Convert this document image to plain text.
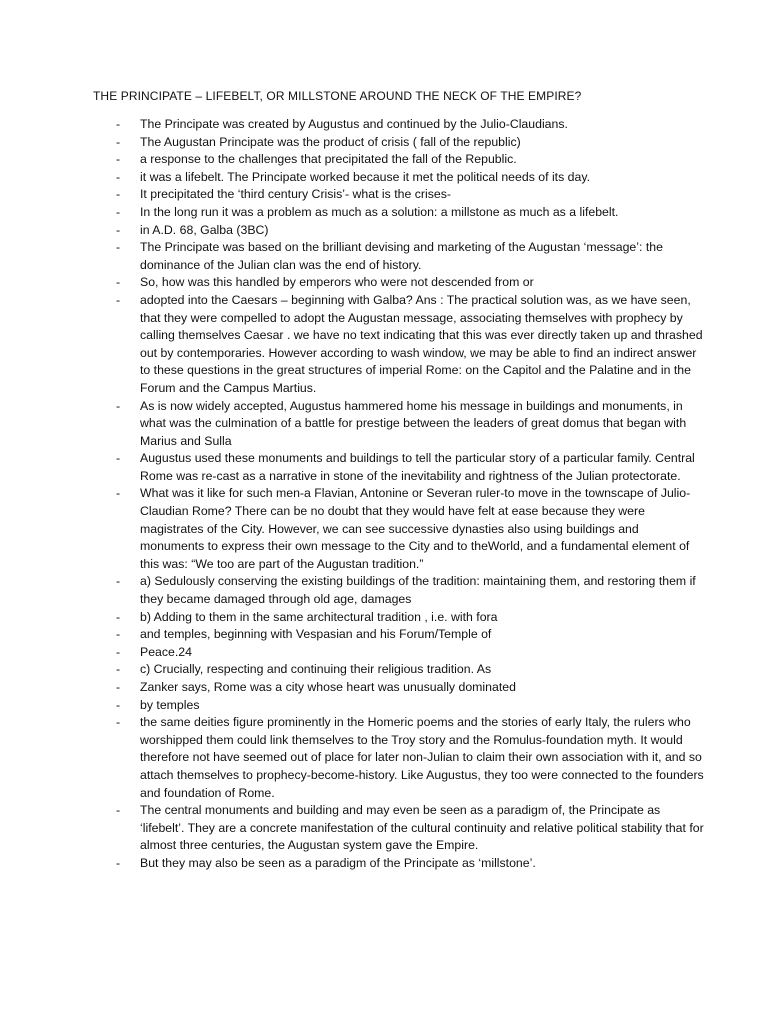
THE PRINCIPATE – LIFEBELT, OR MILLSTONE AROUND THE NECK OF THE EMPIRE?
- The Principate was created by Augustus and continued by the Julio-Claudians.
- The Augustan Principate was the product of crisis ( fall of the republic)
- a response to the challenges that precipitated the fall of the Republic.
- it was a lifebelt. The Principate worked because it met the political needs of its day.
- It precipitated the ‘third century Crisis’- what is the crises-
- In the long run it was a problem as much as a solution: a millstone as much as a lifebelt.
- in A.D. 68, Galba (3BC)
- The Principate was based on the brilliant devising and marketing of the Augustan ‘message’: the dominance of the Julian clan was the end of history.
- So, how was this handled by emperors who were not descended from or
- adopted into the Caesars – beginning with Galba? Ans : The practical solution was, as we have seen, that they were compelled to adopt the Augustan message, associating themselves with prophecy by calling themselves Caesar . we have no text indicating that this was ever directly taken up and thrashed out by contemporaries. However according to wash window, we may be able to find an indirect answer to these questions in the great structures of imperial Rome: on the Capitol and the Palatine and in the Forum and the Campus Martius.
- As is now widely accepted, Augustus hammered home his message in buildings and monuments, in what was the culmination of a battle for prestige between the leaders of great domus that began with Marius and Sulla
- Augustus used these monuments and buildings to tell the particular story of a particular family. Central Rome was re-cast as a narrative in stone of the inevitability and rightness of the Julian protectorate.
- What was it like for such men-a Flavian, Antonine or Severan ruler-to move in the townscape of Julio-Claudian Rome? There can be no doubt that they would have felt at ease because they were magistrates of the City. However, we can see successive dynasties also using buildings and monuments to express their own message to the City and to theWorld, and a fundamental element of this was: “We too are part of the Augustan tradition.”
- a) Sedulously conserving the existing buildings of the tradition: maintaining them, and restoring them if they became damaged through old age, damages
- b) Adding to them in the same architectural tradition , i.e. with fora
- and temples, beginning with Vespasian and his Forum/Temple of
- Peace.24
- c) Crucially, respecting and continuing their religious tradition. As
- Zanker says, Rome was a city whose heart was unusually dominated
- by temples
- the same deities figure prominently in the Homeric poems and the stories of early Italy, the rulers who worshipped them could link themselves to the Troy story and the Romulus-foundation myth. It would therefore not have seemed out of place for later non-Julian to claim their own association with it, and so attach themselves to prophecy-become-history. Like Augustus, they too were connected to the founders and foundation of Rome.
- The central monuments and building and may even be seen as a paradigm of, the Principate as ‘lifebelt’. They are a concrete manifestation of the cultural continuity and relative political stability that for almost three centuries, the Augustan system gave the Empire.
- But they may also be seen as a paradigm of the Principate as ‘millstone’.
